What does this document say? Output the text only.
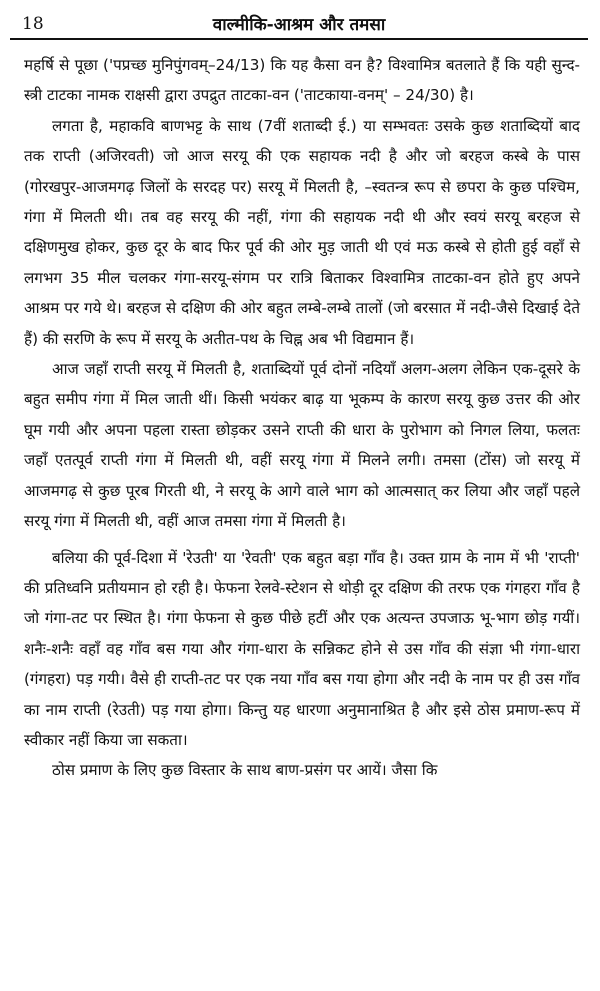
18	वाल्मीकि-आश्रम और तमसा

महर्षि से पूछा ('पप्रच्छ मुनिपुंगवम्–24/13) कि यह कैसा वन है? विश्वामित्र बतलाते हैं कि यही सुन्द-स्त्री टाटका नामक राक्षसी द्वारा उपद्रुत ताटका-वन ('ताटकाया-वनम्' – 24/30) है।

लगता है, महाकवि बाणभट्ट के साथ (7वीं शताब्दी ई.) या सम्भवतः उसके कुछ शताब्दियों बाद तक राप्ती (अजिरवती) जो आज सरयू की एक सहायक नदी है और जो बरहज कस्बे के पास (गोरखपुर-आजमगढ़ जिलों के सरदह पर) सरयू में मिलती है, –स्वतन्त्र रूप से छपरा के कुछ पश्चिम, गंगा में मिलती थी। तब वह सरयू की नहीं, गंगा की सहायक नदी थी और स्वयं सरयू बरहज से दक्षिणमुख होकर, कुछ दूर के बाद फिर पूर्व की ओर मुड़ जाती थी एवं मऊ कस्बे से होती हुई वहाँ से लगभग 35 मील चलकर गंगा-सरयू-संगम पर रात्रि बिताकर विश्वामित्र ताटका-वन होते हुए अपने आश्रम पर गये थे। बरहज से दक्षिण की ओर बहुत लम्बे-लम्बे तालों (जो बरसात में नदी-जैसे दिखाई देते हैं) की सरणि के रूप में सरयू के अतीत-पथ के चिह्न अब भी विद्यमान हैं।

आज जहाँ राप्ती सरयू में मिलती है, शताब्दियों पूर्व दोनों नदियाँ अलग-अलग लेकिन एक-दूसरे के बहुत समीप गंगा में मिल जाती थीं। किसी भयंकर बाढ़ या भूकम्प के कारण सरयू कुछ उत्तर की ओर घूम गयी और अपना पहला रास्ता छोड़कर उसने राप्ती की धारा के पुरोभाग को निगल लिया, फलतः जहाँ एतत्पूर्व राप्ती गंगा में मिलती थी, वहीं सरयू गंगा में मिलने लगी। तमसा (टोंस) जो सरयू में आजमगढ़ से कुछ पूरब गिरती थी, ने सरयू के आगे वाले भाग को आत्मसात् कर लिया और जहाँ पहले सरयू गंगा में मिलती थी, वहीं आज तमसा गंगा में मिलती है।

बलिया की पूर्व-दिशा में 'रेउती' या 'रेवती' एक बहुत बड़ा गाँव है। उक्त ग्राम के नाम में भी 'राप्ती' की प्रतिध्वनि प्रतीयमान हो रही है। फेफना रेलवे-स्टेशन से थोड़ी दूर दक्षिण की तरफ एक गंगहरा गाँव है जो गंगा-तट पर स्थित है। गंगा फेफना से कुछ पीछे हटीं और एक अत्यन्त उपजाऊ भू-भाग छोड़ गयीं। शनैः-शनैः वहाँ वह गाँव बस गया और गंगा-धारा के सन्निकट होने से उस गाँव की संज्ञा भी गंगा-धारा (गंगहरा) पड़ गयी। वैसे ही राप्ती-तट पर एक नया गाँव बस गया होगा और नदी के नाम पर ही उस गाँव का नाम राप्ती (रेउती) पड़ गया होगा। किन्तु यह धारणा अनुमानाश्रित है और इसे ठोस प्रमाण-रूप में स्वीकार नहीं किया जा सकता।

ठोस प्रमाण के लिए कुछ विस्तार के साथ बाण-प्रसंग पर आयें। जैसा कि
